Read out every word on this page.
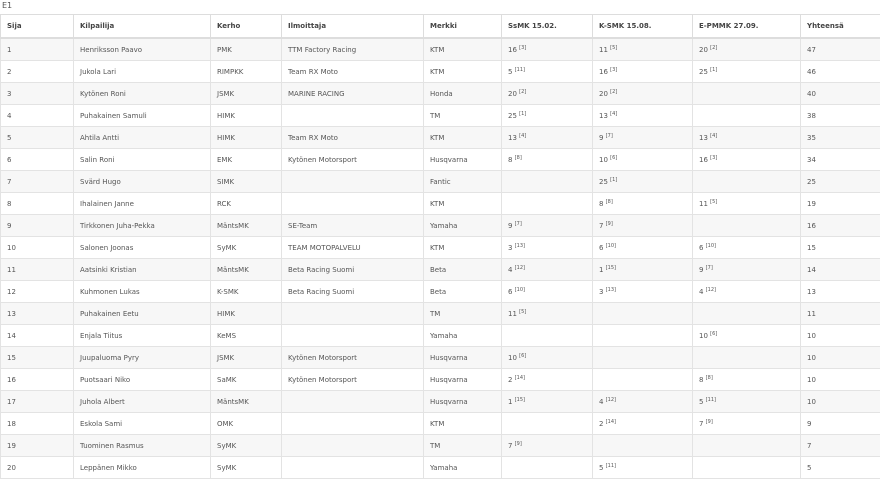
E1
Sija	Kilpailija	Kerho	Ilmoittaja	Merkki	SsMK 15.02.	K-SMK 15.08.	E-PMMK 27.09.	Yhteensä
1	Henriksson Paavo	PMK	TTM Factory Racing	KTM	16 [3]	11 [5]	20 [2]	47
2	Jukola Lari	RIMPKK	Team RX Moto	KTM	5 [11]	16 [3]	25 [1]	46
3	Kytönen Roni	JSMK	MARINE RACING	Honda	20 [2]	20 [2]		40
4	Puhakainen Samuli	HIMK		TM	25 [1]	13 [4]		38
5	Ahtila Antti	HIMK	Team RX Moto	KTM	13 [4]	9 [7]	13 [4]	35
6	Salin Roni	EMK	Kytönen Motorsport	Husqvarna	8 [8]	10 [6]	16 [3]	34
7	Svärd Hugo	SIMK		Fantic		25 [1]		25
8	Ihalainen Janne	RCK		KTM		8 [8]	11 [5]	19
9	Tirkkonen Juha-Pekka	MäntsMK	SE-Team	Yamaha	9 [7]	7 [9]		16
10	Salonen Joonas	SyMK	TEAM MOTOPALVELU	KTM	3 [13]	6 [10]	6 [10]	15
11	Aatsinki Kristian	MäntsMK	Beta Racing Suomi	Beta	4 [12]	1 [15]	9 [7]	14
12	Kuhmonen Lukas	K-SMK	Beta Racing Suomi	Beta	6 [10]	3 [13]	4 [12]	13
13	Puhakainen Eetu	HIMK		TM	11 [5]			11
14	Enjala Tiitus	KeMS		Yamaha			10 [6]	10
15	Juupaluoma Pyry	JSMK	Kytönen Motorsport	Husqvarna	10 [6]			10
16	Puotsaari Niko	SaMK	Kytönen Motorsport	Husqvarna	2 [14]		8 [8]	10
17	Juhola Albert	MäntsMK		Husqvarna	1 [15]	4 [12]	5 [11]	10
18	Eskola Sami	OMK		KTM		2 [14]	7 [9]	9
19	Tuominen Rasmus	SyMK		TM	7 [9]			7
20	Leppänen Mikko	SyMK		Yamaha		5 [11]		5
